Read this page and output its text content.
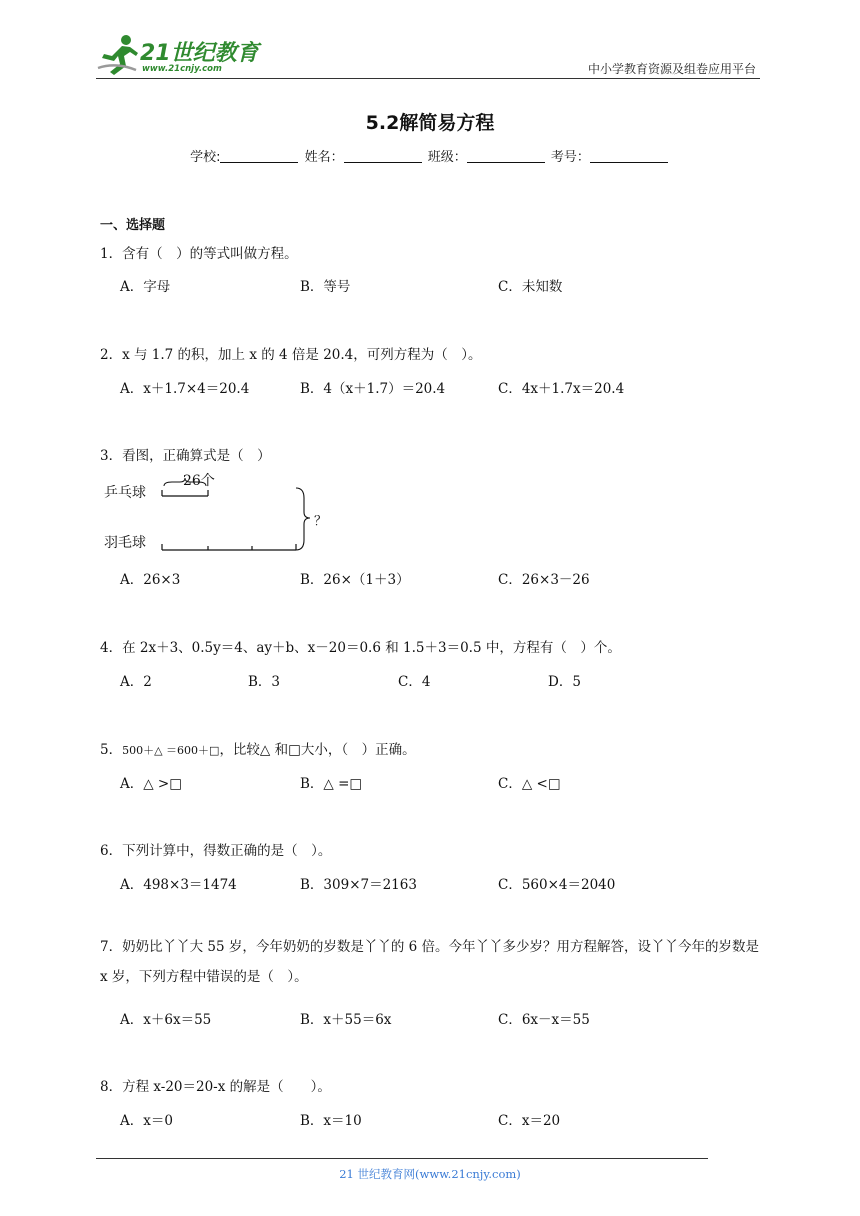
21世纪教育
www.21cnjy.com	中小学教育资源及组卷应用平台
5.2解简易方程
学校:	姓名：	班级：	考号：
一、选择题
1．含有（　）的等式叫做方程。
A．字母	B．等号	C．未知数
2．x 与 1.7 的积，加上 x 的 4 倍是 20.4，可列方程为（　）。
A．x＋1.7×4＝20.4	B．4（x＋1.7）＝20.4	C．4x＋1.7x＝20.4
3．看图，正确算式是（　）
乒乓球
26个
羽毛球
？
A．26×3	B．26×（1＋3）	C．26×3－26
4．在 2x＋3、0.5y＝4、ay＋b、x－20＝0.6 和 1.5＋3＝0.5 中，方程有（　）个。
A．2	B．3	C．4	D．5
5．500＋△ ＝600＋□，比较△ 和□大小，（　）正确。
A．△ >□	B．△ =□	C．△ <□
6．下列计算中，得数正确的是（　）。
A．498×3＝1474	B．309×7＝2163	C．560×4＝2040
7．奶奶比丫丫大 55 岁，今年奶奶的岁数是丫丫的 6 倍。今年丫丫多少岁？用方程解答，设丫丫今年的岁数是 x 岁，下列方程中错误的是（　）。
A．x＋6x＝55	B．x＋55＝6x	C．6x－x＝55
8．方程 x-20＝20-x 的解是（　　）。
A．x＝0	B．x＝10	C．x＝20
21 世纪教育网(www.21cnjy.com)
